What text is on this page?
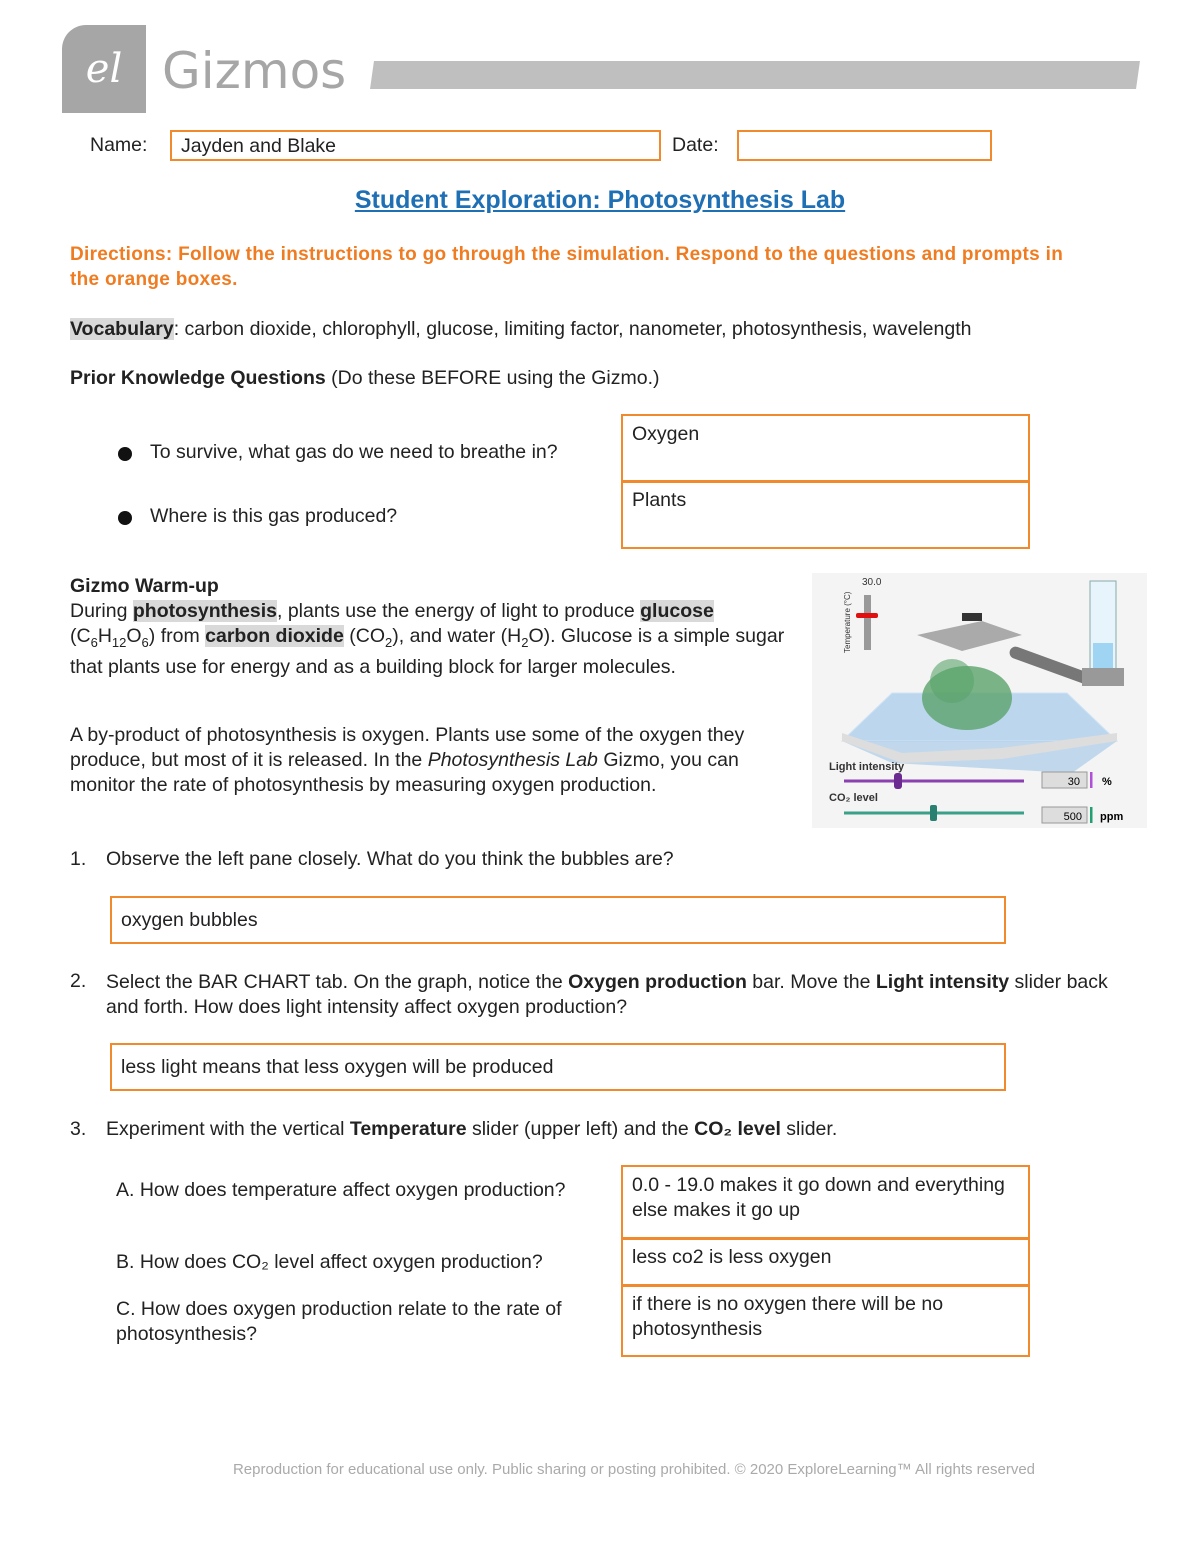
el Gizmos
Name:	Jayden and Blake	Date:
Student Exploration: Photosynthesis Lab
Directions: Follow the instructions to go through the simulation. Respond to the questions and prompts in the orange boxes.
Vocabulary: carbon dioxide, chlorophyll, glucose, limiting factor, nanometer, photosynthesis, wavelength
Prior Knowledge Questions (Do these BEFORE using the Gizmo.)
To survive, what gas do we need to breathe in?
Where is this gas produced?
Oxygen
Plants
Gizmo Warm-up
During photosynthesis, plants use the energy of light to produce glucose
$(C_6H_{12}O_6)$ from carbon dioxide $(CO_2)$, and water $(H_2O)$. Glucose is a simple sugar that plants use for energy and as a building block for larger molecules.
A by-product of photosynthesis is oxygen. Plants use some of the oxygen they produce, but most of it is released. In the Photosynthesis Lab Gizmo, you can monitor the rate of photosynthesis by measuring oxygen production.
30.0
Temperature (°C)
Light intensity
30 %
CO₂ level
500 ppm
1. Observe the left pane closely. What do you think the bubbles are?
oxygen bubbles
2. Select the BAR CHART tab. On the graph, notice the Oxygen production bar. Move the Light intensity slider back and forth. How does light intensity affect oxygen production?
less light means that less oxygen will be produced
3. Experiment with the vertical Temperature slider (upper left) and the CO₂ level slider.
A. How does temperature affect oxygen production?
B. How does CO₂ level affect oxygen production?
C. How does oxygen production relate to the rate of photosynthesis?
0.0 - 19.0 makes it go down and everything else makes it go up
less co2 is less oxygen
if there is no oxygen there will be no photosynthesis
Reproduction for educational use only. Public sharing or posting prohibited. © 2020 ExploreLearning™ All rights reserved
